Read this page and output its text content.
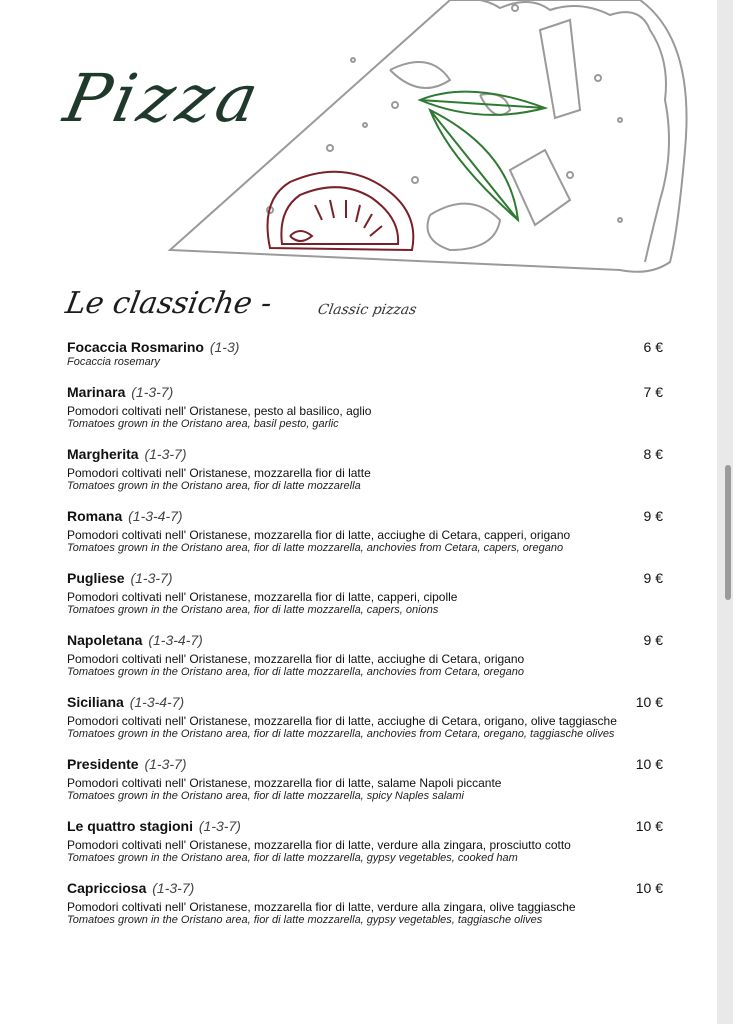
Pizza
Le classiche -	Classic pizzas
Focaccia Rosmarino (1-3)	6 €
Focaccia rosemary
Marinara (1-3-7)	7 €
Pomodori coltivati nell' Oristanese, pesto al basilico, aglio
Tomatoes grown in the Oristano area, basil pesto, garlic
Margherita (1-3-7)	8 €
Pomodori coltivati nell' Oristanese, mozzarella fior di latte
Tomatoes grown in the Oristano area, fior di latte mozzarella
Romana (1-3-4-7)	9 €
Pomodori coltivati nell' Oristanese, mozzarella fior di latte, acciughe di Cetara, capperi, origano
Tomatoes grown in the Oristano area, fior di latte mozzarella, anchovies from Cetara, capers, oregano
Pugliese (1-3-7)	9 €
Pomodori coltivati nell' Oristanese, mozzarella fior di latte, capperi, cipolle
Tomatoes grown in the Oristano area, fior di latte mozzarella, capers, onions
Napoletana (1-3-4-7)	9 €
Pomodori coltivati nell' Oristanese, mozzarella fior di latte, acciughe di Cetara, origano
Tomatoes grown in the Oristano area, fior di latte mozzarella, anchovies from Cetara, oregano
Siciliana (1-3-4-7)	10 €
Pomodori coltivati nell' Oristanese, mozzarella fior di latte, acciughe di Cetara, origano, olive taggiasche
Tomatoes grown in the Oristano area, fior di latte mozzarella, anchovies from Cetara, oregano, taggiasche olives
Presidente (1-3-7)	10 €
Pomodori coltivati nell' Oristanese, mozzarella fior di latte, salame Napoli piccante
Tomatoes grown in the Oristano area, fior di latte mozzarella, spicy Naples salami
Le quattro stagioni (1-3-7)	10 €
Pomodori coltivati nell' Oristanese, mozzarella fior di latte, verdure alla zingara, prosciutto cotto
Tomatoes grown in the Oristano area, fior di latte mozzarella, gypsy vegetables, cooked ham
Capricciosa (1-3-7)	10 €
Pomodori coltivati nell' Oristanese, mozzarella fior di latte, verdure alla zingara, olive taggiasche
Tomatoes grown in the Oristano area, fior di latte mozzarella, gypsy vegetables, taggiasche olives
